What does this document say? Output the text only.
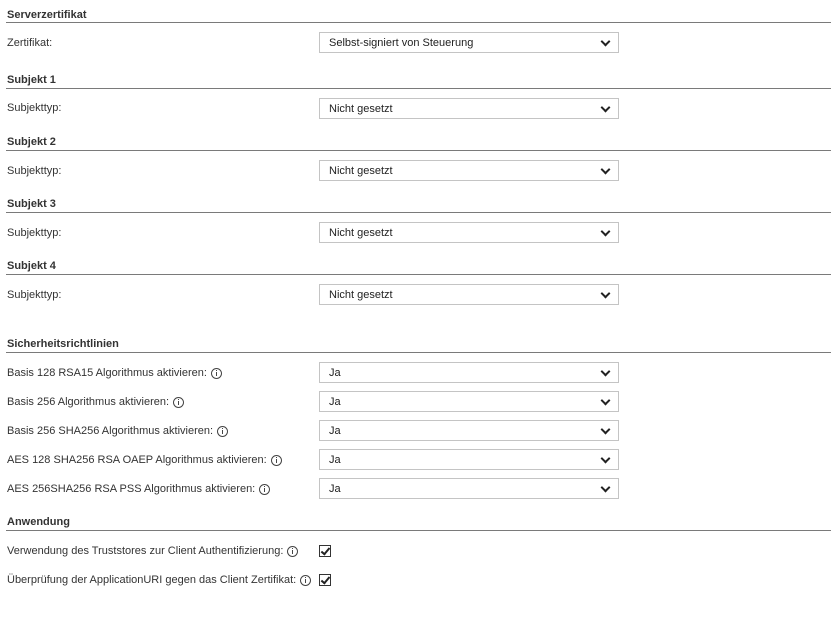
Serverzertifikat
Zertifikat:	Selbst-signiert von Steuerung
Subjekt 1
Subjekttyp:	Nicht gesetzt
Subjekt 2
Subjekttyp:	Nicht gesetzt
Subjekt 3
Subjekttyp:	Nicht gesetzt
Subjekt 4
Subjekttyp:	Nicht gesetzt
Sicherheitsrichtlinien
Basis 128 RSA15 Algorithmus aktivieren:	Ja
Basis 256 Algorithmus aktivieren:	Ja
Basis 256 SHA256 Algorithmus aktivieren:	Ja
AES 128 SHA256 RSA OAEP Algorithmus aktivieren:	Ja
AES 256SHA256 RSA PSS Algorithmus aktivieren:	Ja
Anwendung
Verwendung des Truststores zur Client Authentifizierung:
Überprüfung der ApplicationURI gegen das Client Zertifikat:
